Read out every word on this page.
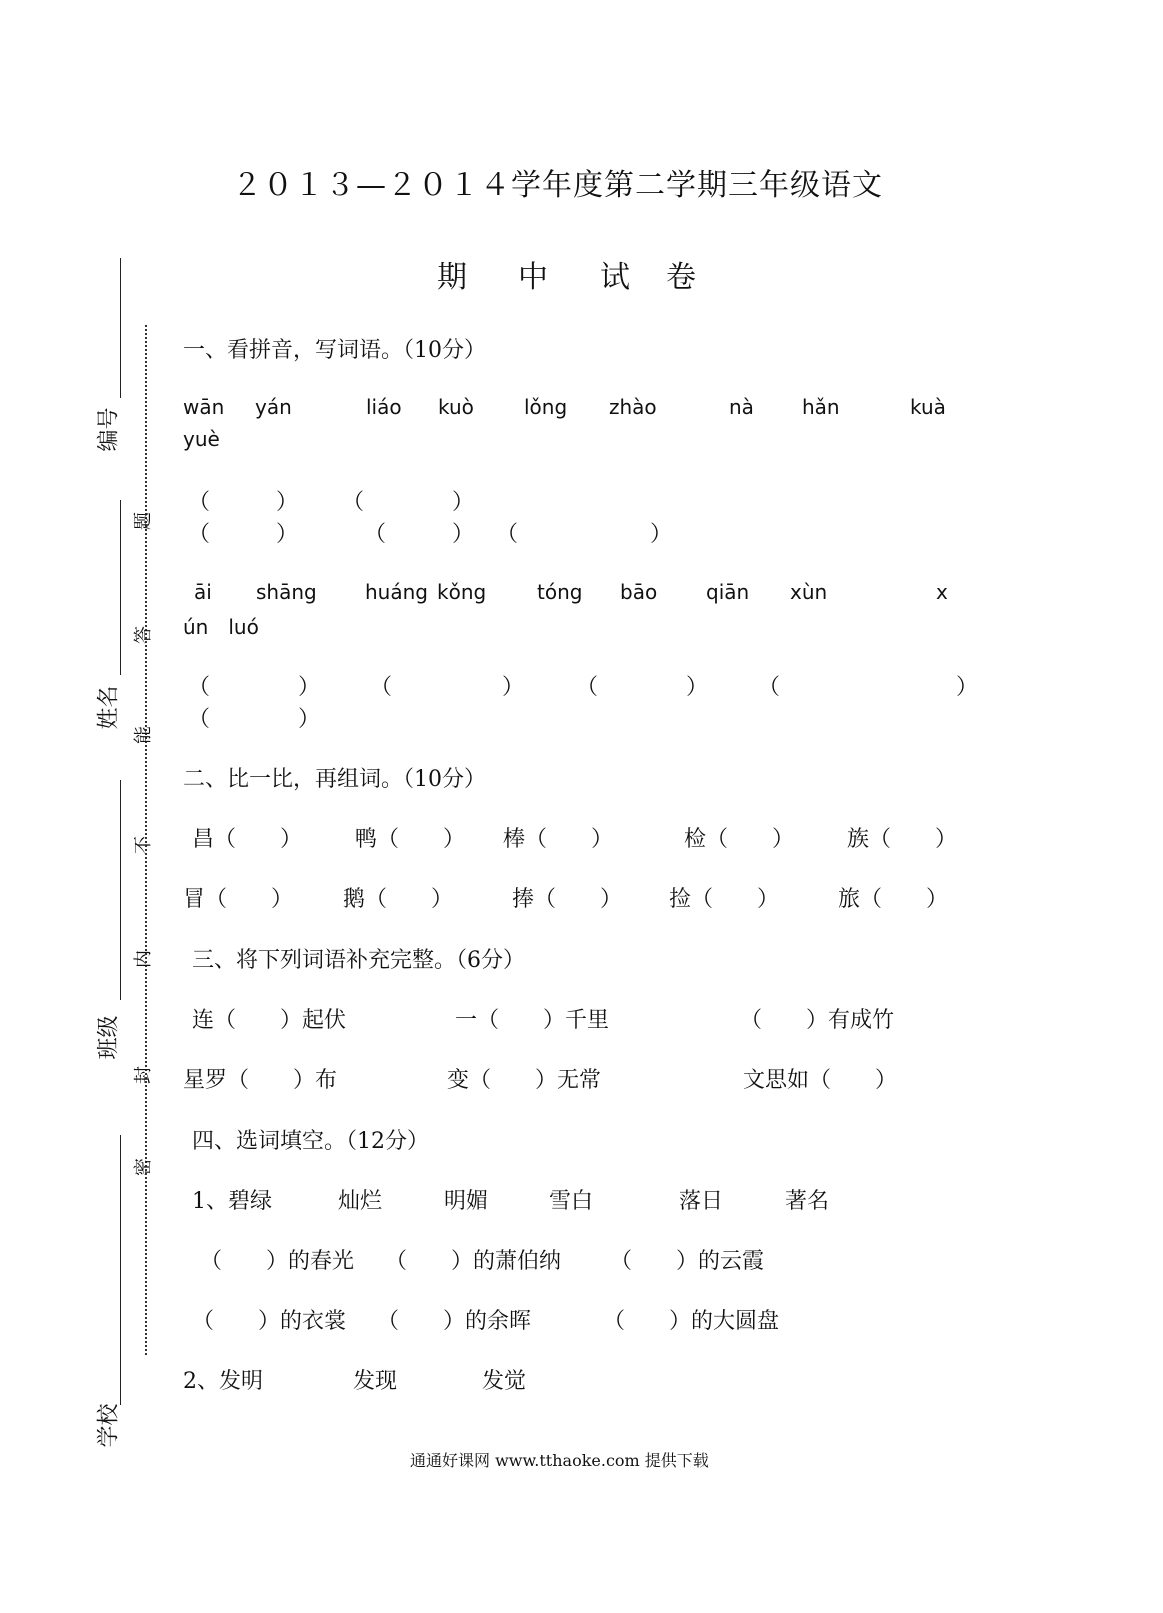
２０１３—２０１４学年度第二学期三年级语文
期 中 试 卷
编号
姓名
班级
学校
题
答
能
不
内
封
密
一、看拼音，写词语。（10分）
wān yán	liáo kuò	lǒng zhào	nà hǎn	kuà
yuè
（　　　）　　　（　　　　）
（　　　）　　　　（　　　）　　（　　　　　　）
āi shāng huáng kǒng	tóng bāo qiān xùn	x
ún　luó
（　　　　） （　　　　　） （　　　　） （　　　　　　　　）
（　　　　）
二、比一比，再组词。（10分）
昌（　　） 鸭（　　） 棒（　　）	检（　　） 族（　　）
冒（　　） 鹅（　　）	捧（　　） 捡（　　）	旅（　　）
三、将下列词语补充完整。（6分）
连（　　）起伏	一（　　）千里	（　　）有成竹
星罗（　　）布	变（　　）无常	文思如（　　）
四、选词填空。（12分）
1、碧绿	灿烂	明媚	雪白	落日	著名
（　　）的春光 （　　）的萧伯纳 （　　）的云霞
（　　）的衣裳 （　　）的余晖	（　　）的大圆盘
2、发明	发现	发觉
通通好课网 www.tthaoke.com 提供下载
